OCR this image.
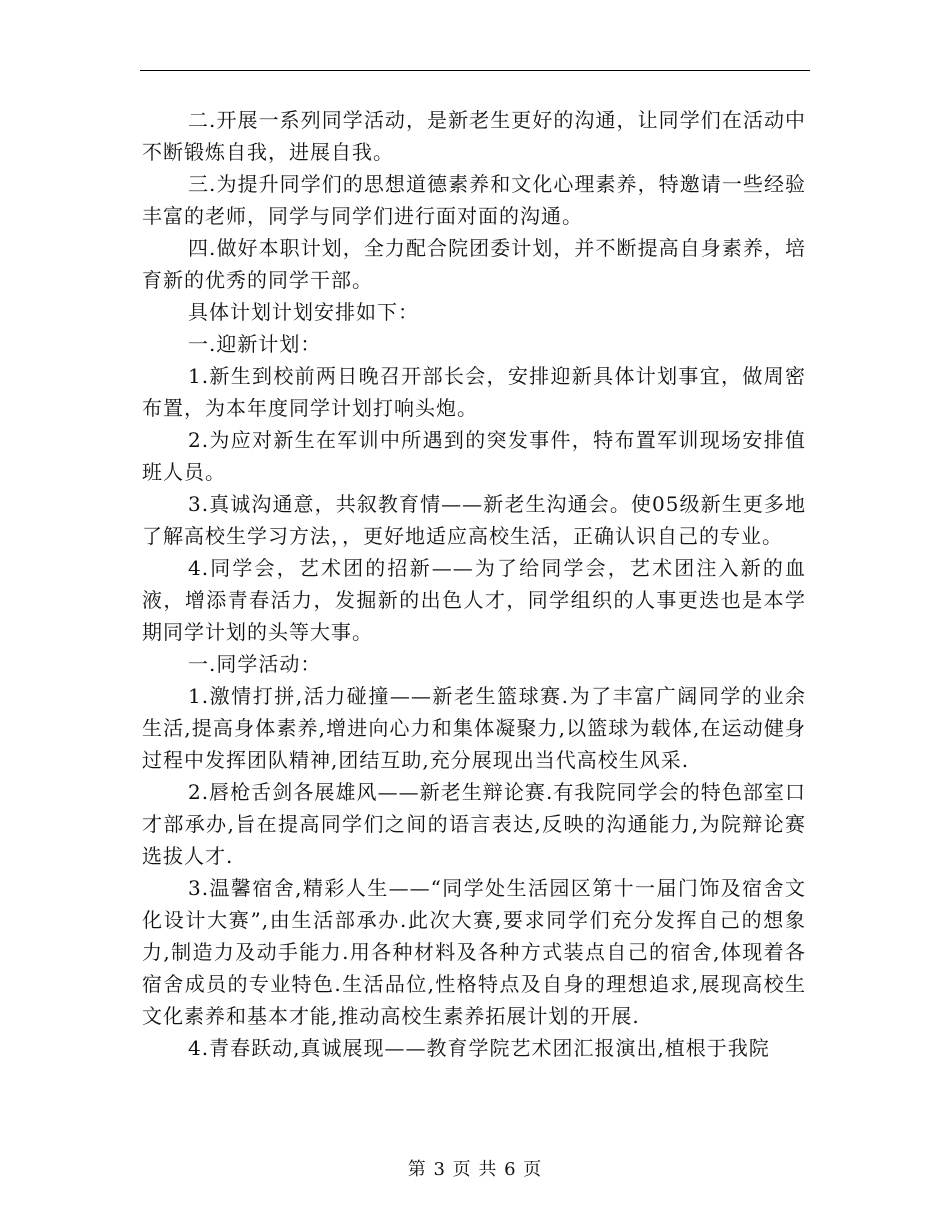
二.开展一系列同学活动，是新老生更好的沟通，让同学们在活动中不断锻炼自我，进展自我。

三.为提升同学们的思想道德素养和文化心理素养，特邀请一些经验丰富的老师，同学与同学们进行面对面的沟通。

四.做好本职计划，全力配合院团委计划，并不断提高自身素养，培育新的优秀的同学干部。

具体计划计划安排如下：

一.迎新计划：

1.新生到校前两日晚召开部长会，安排迎新具体计划事宜，做周密布置，为本年度同学计划打响头炮。

2.为应对新生在军训中所遇到的突发事件，特布置军训现场安排值班人员。

3.真诚沟通意，共叙教育情——新老生沟通会。使05级新生更多地了解高校生学习方法，，更好地适应高校生活，正确认识自己的专业。

4.同学会，艺术团的招新——为了给同学会，艺术团注入新的血液，增添青春活力，发掘新的出色人才，同学组织的人事更迭也是本学期同学计划的头等大事。

一.同学活动：

1.激情打拼,活力碰撞——新老生篮球赛.为了丰富广阔同学的业余生活,提高身体素养,增进向心力和集体凝聚力,以篮球为载体,在运动健身过程中发挥团队精神,团结互助,充分展现出当代高校生风采.

2.唇枪舌剑各展雄风——新老生辩论赛.有我院同学会的特色部室口才部承办,旨在提高同学们之间的语言表达,反映的沟通能力,为院辩论赛选拔人才.

3.温馨宿舍,精彩人生——“同学处生活园区第十一届门饰及宿舍文化设计大赛”,由生活部承办.此次大赛,要求同学们充分发挥自己的想象力,制造力及动手能力.用各种材料及各种方式装点自己的宿舍,体现着各宿舍成员的专业特色.生活品位,性格特点及自身的理想追求,展现高校生文化素养和基本才能,推动高校生素养拓展计划的开展.

4.青春跃动,真诚展现——教育学院艺术团汇报演出,植根于我院

第 3 页 共 6 页
